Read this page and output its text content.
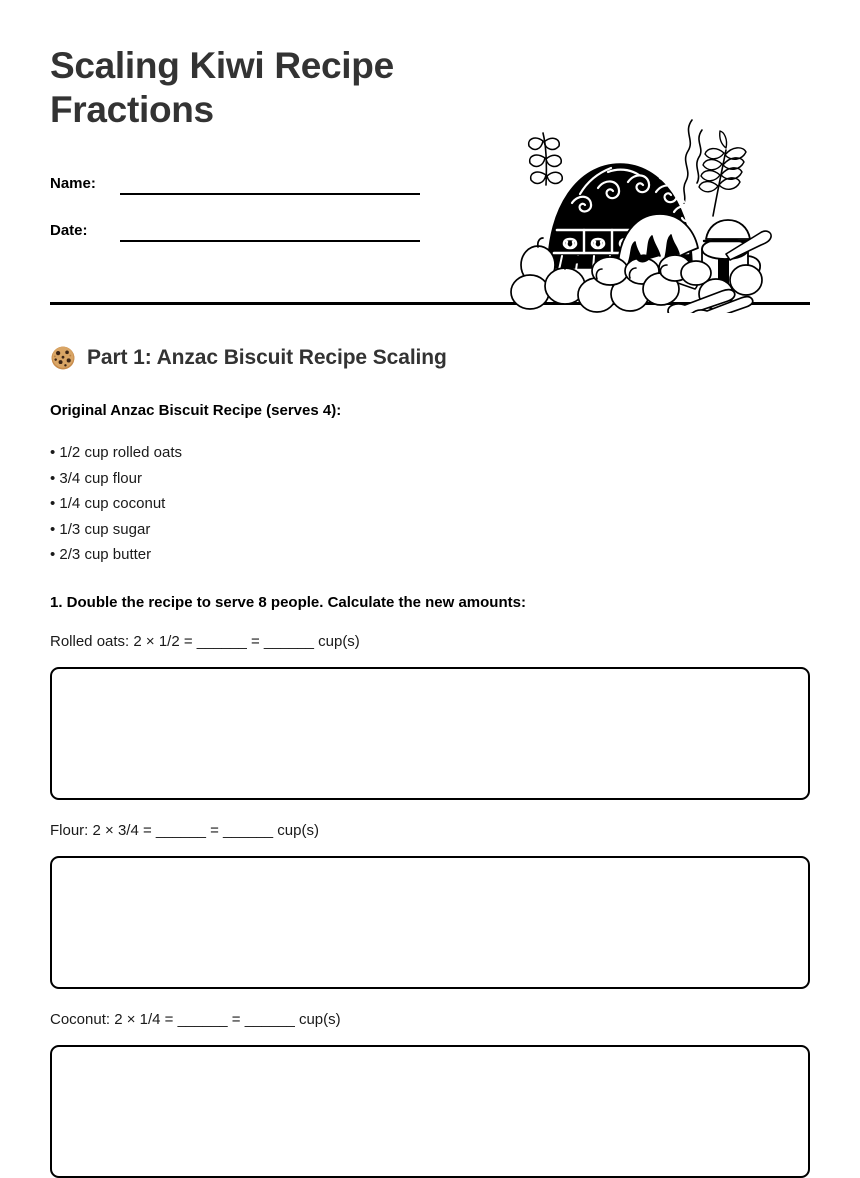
Scaling Kiwi Recipe Fractions
Name:
Date:
Part 1: Anzac Biscuit Recipe Scaling
Original Anzac Biscuit Recipe (serves 4):
• 1/2 cup rolled oats
• 3/4 cup flour
• 1/4 cup coconut
• 1/3 cup sugar
• 2/3 cup butter
1. Double the recipe to serve 8 people. Calculate the new amounts:
Rolled oats: 2 × 1/2 = ______ = ______ cup(s)
Flour: 2 × 3/4 = ______ = ______ cup(s)
Coconut: 2 × 1/4 = ______ = ______ cup(s)
